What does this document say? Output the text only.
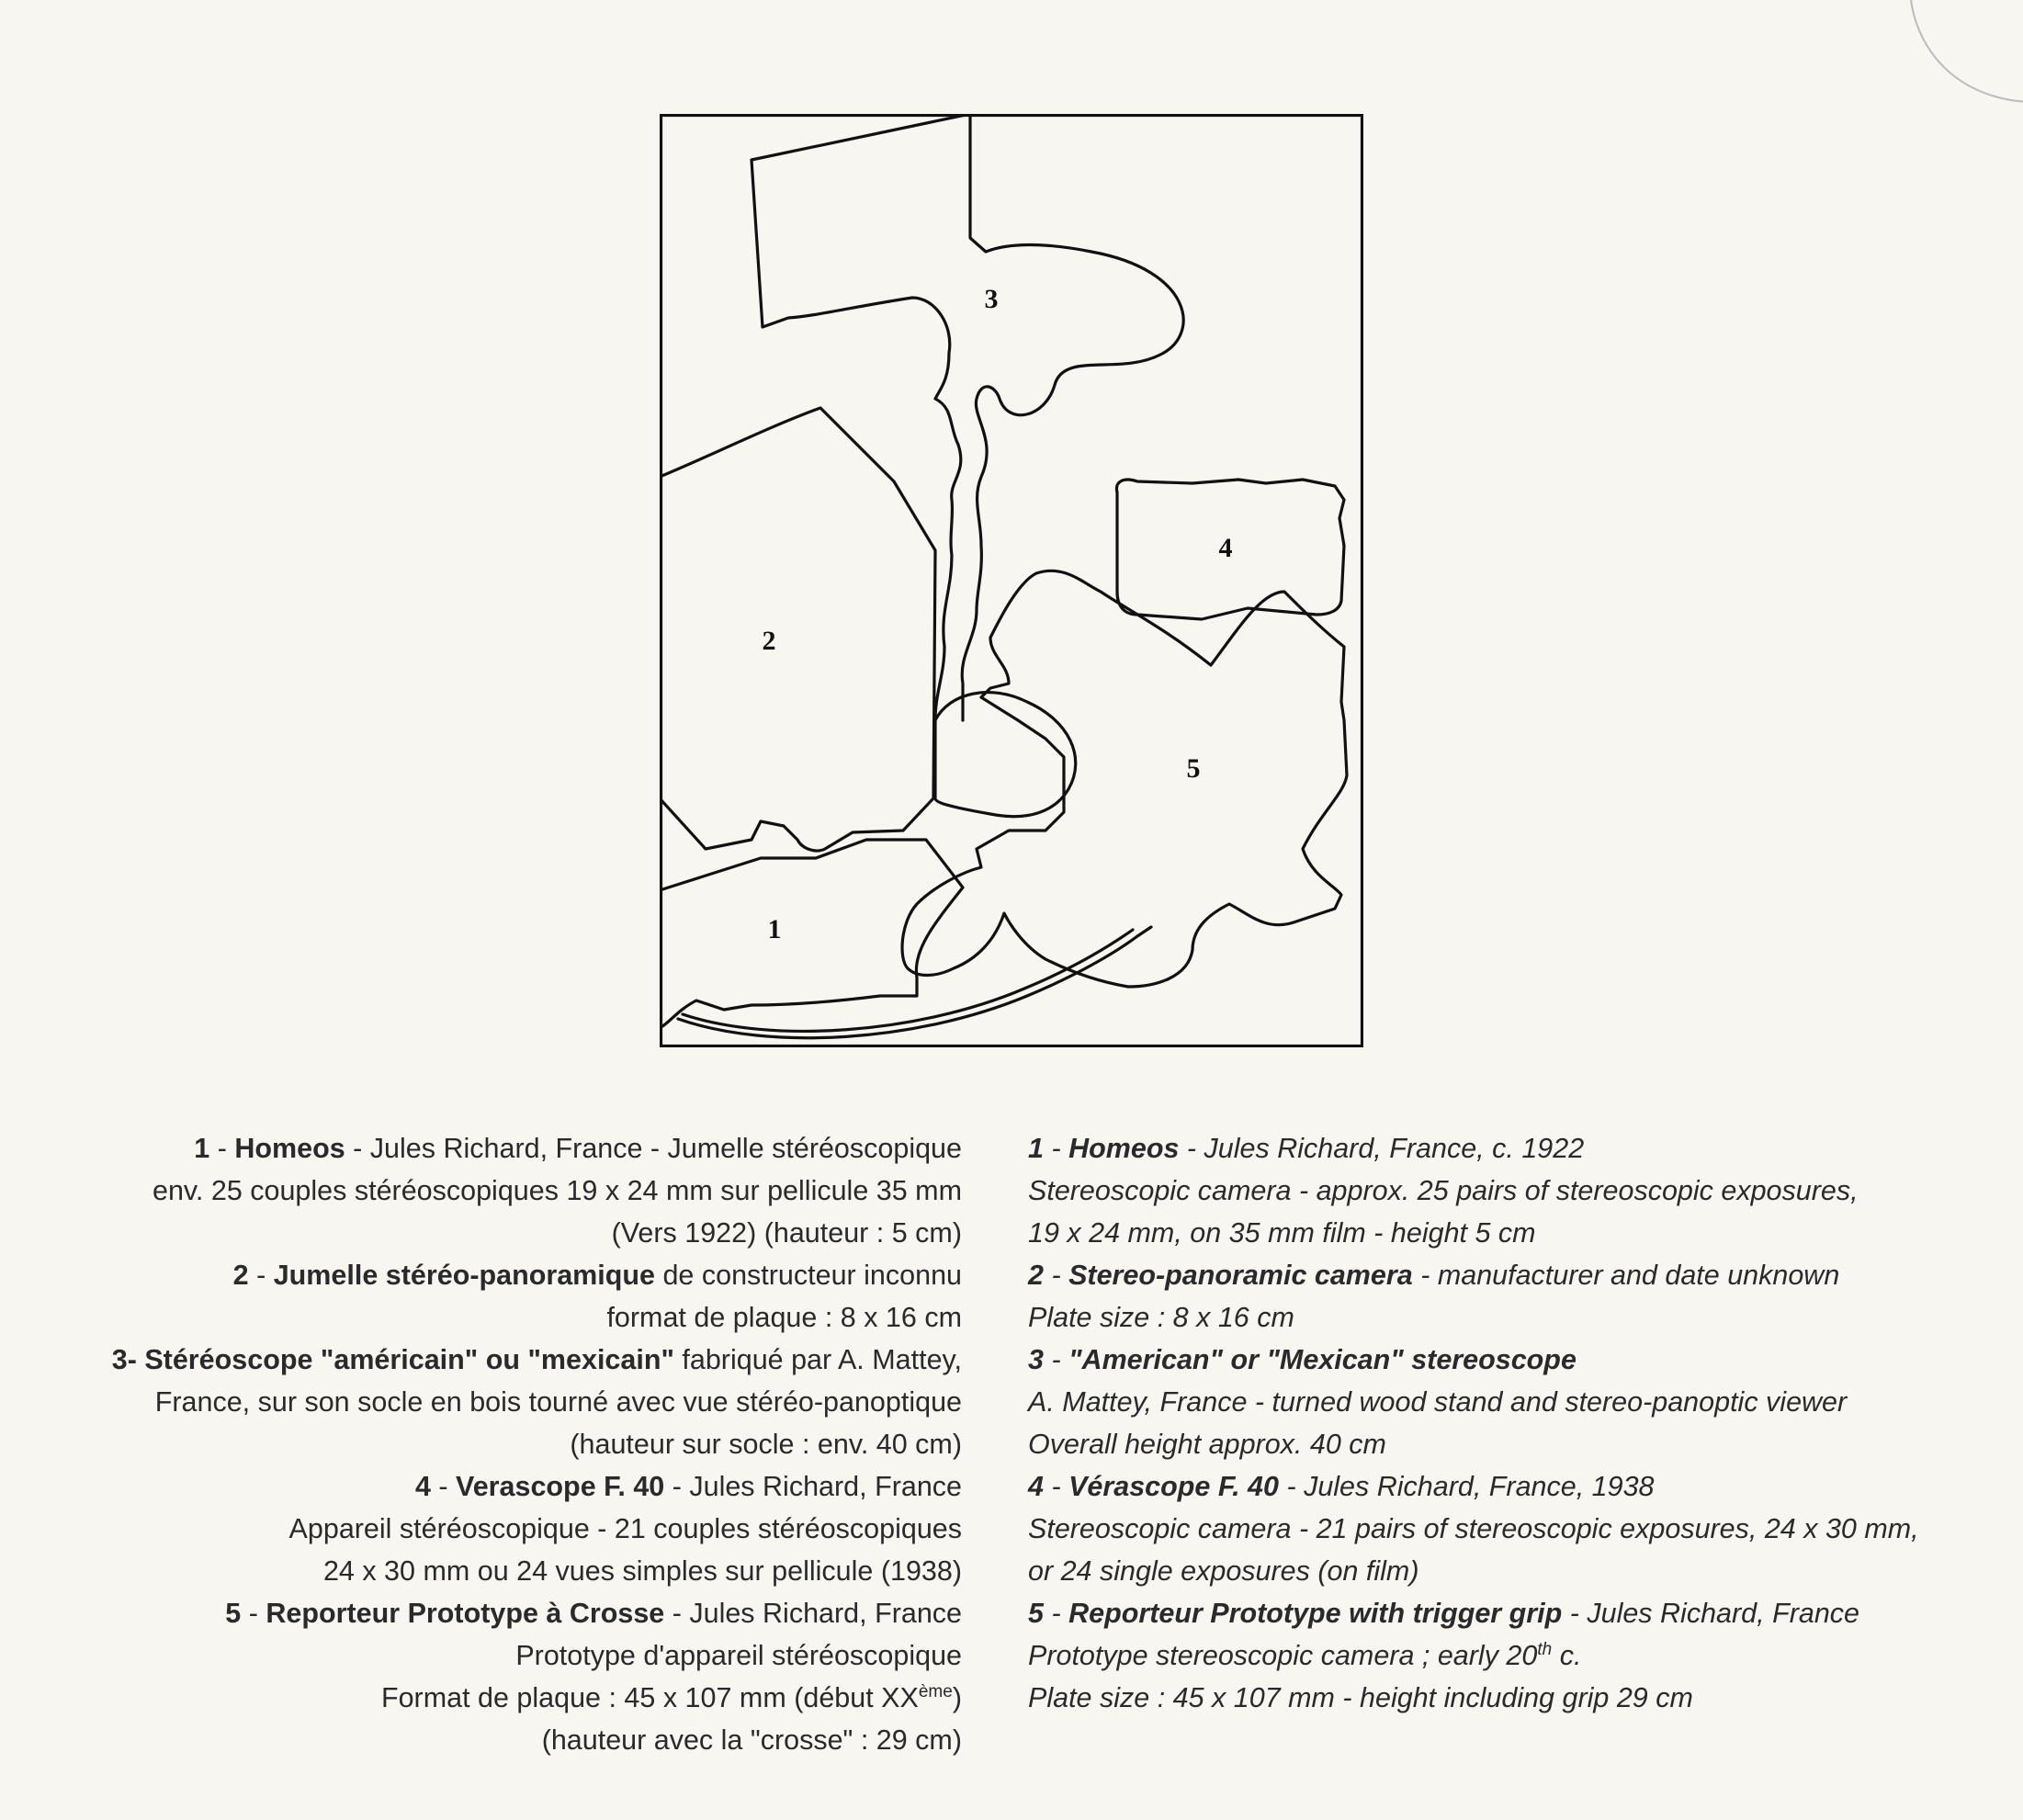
1
2
3
4
5
1 - Homeos - Jules Richard, France - Jumelle stéréoscopique
env. 25 couples stéréoscopiques 19 x 24 mm sur pellicule 35 mm
(Vers 1922) (hauteur : 5 cm)
2 - Jumelle stéréo-panoramique de constructeur inconnu
format de plaque : 8 x 16 cm
3- Stéréoscope "américain" ou "mexicain" fabriqué par A. Mattey,
France, sur son socle en bois tourné avec vue stéréo-panoptique
(hauteur sur socle : env. 40 cm)
4 - Verascope F. 40 - Jules Richard, France
Appareil stéréoscopique - 21 couples stéréoscopiques
24 x 30 mm ou 24 vues simples sur pellicule (1938)
5 - Reporteur Prototype à Crosse - Jules Richard, France
Prototype d'appareil stéréoscopique
Format de plaque : 45 x 107 mm (début XXème)
(hauteur avec la "crosse" : 29 cm)
1 - Homeos - Jules Richard, France, c. 1922
Stereoscopic camera - approx. 25 pairs of stereoscopic exposures,
19 x 24 mm, on 35 mm film - height 5 cm
2 - Stereo-panoramic camera - manufacturer and date unknown
Plate size : 8 x 16 cm
3 - "American" or "Mexican" stereoscope
A. Mattey, France - turned wood stand and stereo-panoptic viewer
Overall height approx. 40 cm
4 - Vérascope F. 40 - Jules Richard, France, 1938
Stereoscopic camera - 21 pairs of stereoscopic exposures, 24 x 30 mm,
or 24 single exposures (on film)
5 - Reporteur Prototype with trigger grip - Jules Richard, France
Prototype stereoscopic camera ; early 20th c.
Plate size : 45 x 107 mm - height including grip 29 cm
